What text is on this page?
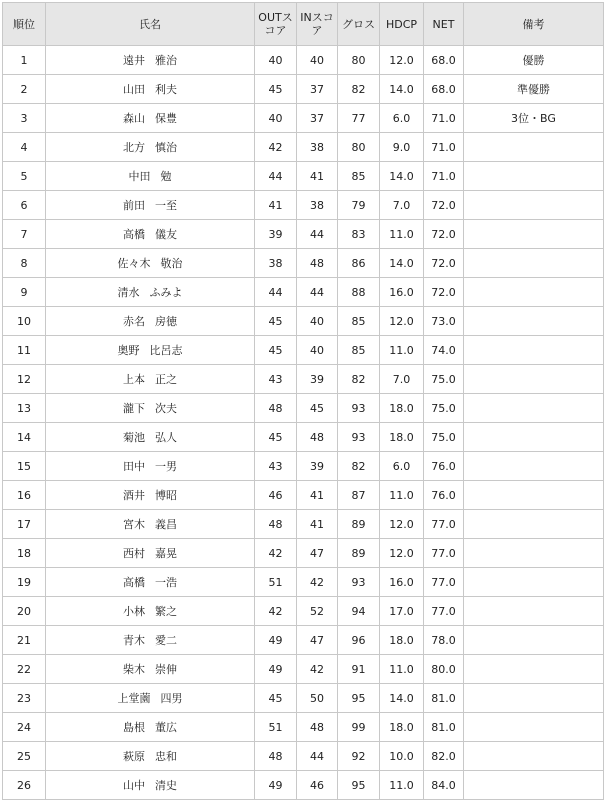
順位	氏名	OUTスコア	INスコア	グロス	HDCP	NET	備考
1	遠井 雅治	40	40	80	12.0	68.0	優勝
2	山田 利夫	45	37	82	14.0	68.0	準優勝
3	森山 保豊	40	37	77	6.0	71.0	3位・BG
4	北方 慎治	42	38	80	9.0	71.0	
5	中田 勉	44	41	85	14.0	71.0	
6	前田 一至	41	38	79	7.0	72.0	
7	高橋 儀友	39	44	83	11.0	72.0	
8	佐々木 敬治	38	48	86	14.0	72.0	
9	清水 ふみよ	44	44	88	16.0	72.0	
10	赤名 房徳	45	40	85	12.0	73.0	
11	奥野 比呂志	45	40	85	11.0	74.0	
12	上本 正之	43	39	82	7.0	75.0	
13	瀧下 次夫	48	45	93	18.0	75.0	
14	菊池 弘人	45	48	93	18.0	75.0	
15	田中 一男	43	39	82	6.0	76.0	
16	酒井 博昭	46	41	87	11.0	76.0	
17	宮木 義昌	48	41	89	12.0	77.0	
18	西村 嘉晃	42	47	89	12.0	77.0	
19	高橋 一浩	51	42	93	16.0	77.0	
20	小林 繁之	42	52	94	17.0	77.0	
21	青木 愛二	49	47	96	18.0	78.0	
22	柴木 崇伸	49	42	91	11.0	80.0	
23	上堂薗 四男	45	50	95	14.0	81.0	
24	島根 董広	51	48	99	18.0	81.0	
25	萩原 忠和	48	44	92	10.0	82.0	
26	山中 清史	49	46	95	11.0	84.0	
